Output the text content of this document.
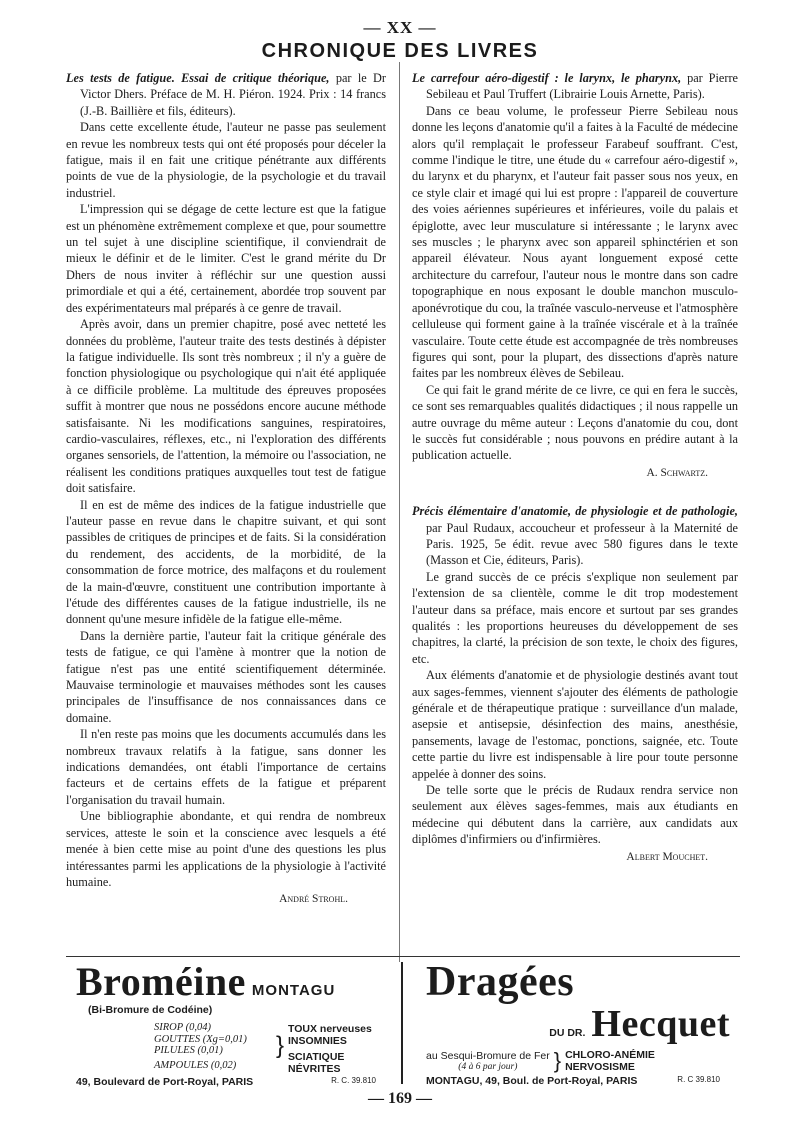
— XX —
CHRONIQUE DES LIVRES

Les tests de fatigue. Essai de critique théorique, par le Dr Victor Dhers. Préface de M. H. Piéron. 1924. Prix : 14 francs (J.-B. Baillière et fils, éditeurs).

Dans cette excellente étude, l'auteur ne passe pas seulement en revue les nombreux tests qui ont été proposés pour déceler la fatigue, mais il en fait une critique pénétrante aux différents points de vue de la physiologie, de la psychologie et du travail industriel.

L'impression qui se dégage de cette lecture est que la fatigue est un phénomène extrêmement complexe et que, pour soumettre un tel sujet à une discipline scientifique, il conviendrait de mieux le définir et de le limiter. C'est le grand mérite du Dr Dhers de nous inviter à réfléchir sur une question aussi primordiale et qui a été, certainement, abordée trop souvent par des expérimentateurs mal préparés à ce genre de travail.

Après avoir, dans un premier chapitre, posé avec netteté les données du problème, l'auteur traite des tests destinés à dépister la fatigue individuelle. Ils sont très nombreux ; il n'y a guère de fonction physiologique ou psychologique qui n'ait été appliquée à ce difficile problème. La multitude des épreuves proposées suffit à montrer que nous ne possédons encore aucune méthode satisfaisante. Ni les modifications sanguines, respiratoires, cardio-vasculaires, réflexes, etc., ni l'exploration des différents organes sensoriels, de l'attention, la mémoire ou l'association, ne réalisent les conditions pratiques auxquelles tout test de fatigue doit satisfaire.

Il en est de même des indices de la fatigue industrielle que l'auteur passe en revue dans le chapitre suivant, et qui sont passibles de critiques de principes et de faits. Si la considération du rendement, des accidents, de la morbidité, de la consommation de force motrice, des malfaçons et du roulement de la main-d'œuvre, constituent une contribution importante à l'étude des différentes causes de la fatigue industrielle, ils ne donnent qu'une mesure infidèle de la fatigue elle-même.

Dans la dernière partie, l'auteur fait la critique générale des tests de fatigue, ce qui l'amène à montrer que la notion de fatigue n'est pas une entité scientifiquement déterminée. Mauvaise terminologie et mauvaises méthodes sont les causes principales de l'insuffisance de nos connaissances dans ce domaine.

Il n'en reste pas moins que les documents accumulés dans les nombreux travaux relatifs à la fatigue, sans donner les indications demandées, ont établi l'importance de certains facteurs et de certains effets de la fatigue et préparent l'organisation du travail humain.

Une bibliographie abondante, et qui rendra de nombreux services, atteste le soin et la conscience avec lesquels a été menée à bien cette mise au point d'une des questions les plus intéressantes parmi les applications de la physiologie à l'activité humaine.

André Strohl.

Le carrefour aéro-digestif : le larynx, le pharynx, par Pierre Sebileau et Paul Truffert (Librairie Louis Arnette, Paris).

Dans ce beau volume, le professeur Pierre Sebileau nous donne les leçons d'anatomie qu'il a faites à la Faculté de médecine alors qu'il remplaçait le professeur Farabeuf souffrant. C'est, comme l'indique le titre, une étude du « carrefour aéro-digestif », du larynx et du pharynx, et l'auteur fait passer sous nos yeux, en ce style clair et imagé qui lui est propre : l'appareil de couverture des voies aériennes supérieures et inférieures, voile du palais et épiglotte, avec leur musculature si intéressante ; le larynx avec ses muscles ; le pharynx avec son appareil sphinctérien et son appareil élévateur. Nous ayant longuement exposé cette architecture du carrefour, l'auteur nous le montre dans son cadre topographique en nous exposant le double manchon musculo-aponévrotique du cou, la traînée vasculo-nerveuse et l'atmosphère celluleuse qui forment gaine à la traînée viscérale et à la traînée vasculaire. Toute cette étude est accompagnée de très nombreuses figures qui sont, pour la plupart, des dissections d'après nature faites par les nombreux élèves de Sebileau.

Ce qui fait le grand mérite de ce livre, ce qui en fera le succès, ce sont ses remarquables qualités didactiques ; il nous rappelle un autre ouvrage du même auteur : Leçons d'anatomie du cou, dont le succès fut considérable ; nous pouvons en prédire autant à la publication actuelle.

A. Schwartz.

Précis élémentaire d'anatomie, de physiologie et de pathologie, par Paul Rudaux, accoucheur et professeur à la Maternité de Paris. 1925, 5e édit. revue avec 580 figures dans le texte (Masson et Cie, éditeurs, Paris).

Le grand succès de ce précis s'explique non seulement par l'extension de sa clientèle, comme le dit trop modestement l'auteur dans sa préface, mais encore et surtout par ses grandes qualités : les proportions heureuses du développement de ses chapitres, la clarté, la précision de son texte, le choix des figures, etc.

Aux éléments d'anatomie et de physiologie destinés avant tout aux sages-femmes, viennent s'ajouter des éléments de pathologie générale et de thérapeutique pratique : surveillance d'un malade, asepsie et antisepsie, désinfection des mains, anesthésie, pansements, lavage de l'estomac, ponctions, saignée, etc. Toute cette partie du livre est indispensable à lire pour toute personne appelée à donner des soins.

De telle sorte que le précis de Rudaux rendra service non seulement aux élèves sages-femmes, mais aux étudiants en médecine qui débutent dans la carrière, aux candidats aux diplômes d'infirmiers ou d'infirmières.

Albert Mouchet.
Broméine MONTAGU
(Bi-Bromure de Codéine)
SIROP (0,04)
GOUTTES (Xg=0,01)
PILULES (0,01)
AMPOULES (0,02)
}
TOUX nerveuses
INSOMNIES
SCIATIQUE
NÉVRITES
49, Boulevard de Port-Royal, PARIS	R. C. 39.810
Dragées
DU DR. Hecquet
au Sesqui-Bromure de Fer
(4 à 6 par jour)	} CHLORO-ANÉMIE
NERVOSISME
MONTAGU, 49, Boul. de Port-Royal, PARIS	R. C 39.810
— 169 —
